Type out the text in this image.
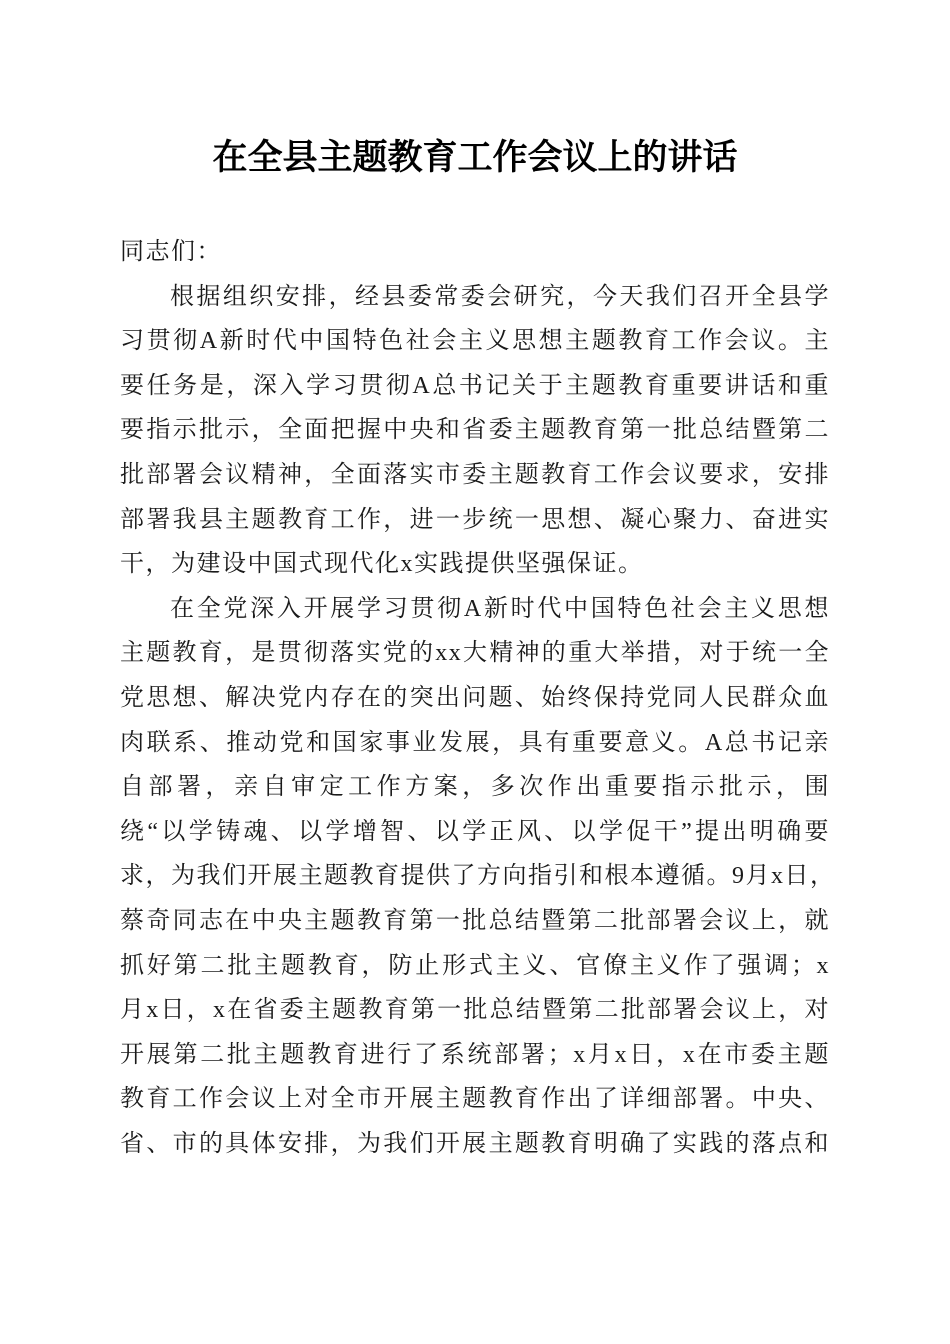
在全县主题教育工作会议上的讲话
同志们：
根据组织安排，经县委常委会研究，今天我们召开全县学
习贯彻A新时代中国特色社会主义思想主题教育工作会议。主
要任务是，深入学习贯彻A总书记关于主题教育重要讲话和重
要指示批示，全面把握中央和省委主题教育第一批总结暨第二
批部署会议精神，全面落实市委主题教育工作会议要求，安排
部署我县主题教育工作，进一步统一思想、凝心聚力、奋进实
干，为建设中国式现代化x实践提供坚强保证。
在全党深入开展学习贯彻A新时代中国特色社会主义思想
主题教育，是贯彻落实党的xx大精神的重大举措，对于统一全
党思想、解决党内存在的突出问题、始终保持党同人民群众血
肉联系、推动党和国家事业发展，具有重要意义。A总书记亲
自部署，亲自审定工作方案，多次作出重要指示批示，围
绕“以学铸魂、以学增智、以学正风、以学促干”提出明确要
求，为我们开展主题教育提供了方向指引和根本遵循。9月x日，
蔡奇同志在中央主题教育第一批总结暨第二批部署会议上，就
抓好第二批主题教育，防止形式主义、官僚主义作了强调；x
月x日，x在省委主题教育第一批总结暨第二批部署会议上，对
开展第二批主题教育进行了系统部署；x月x日，x在市委主题
教育工作会议上对全市开展主题教育作出了详细部署。中央、
省、市的具体安排，为我们开展主题教育明确了实践的落点和
